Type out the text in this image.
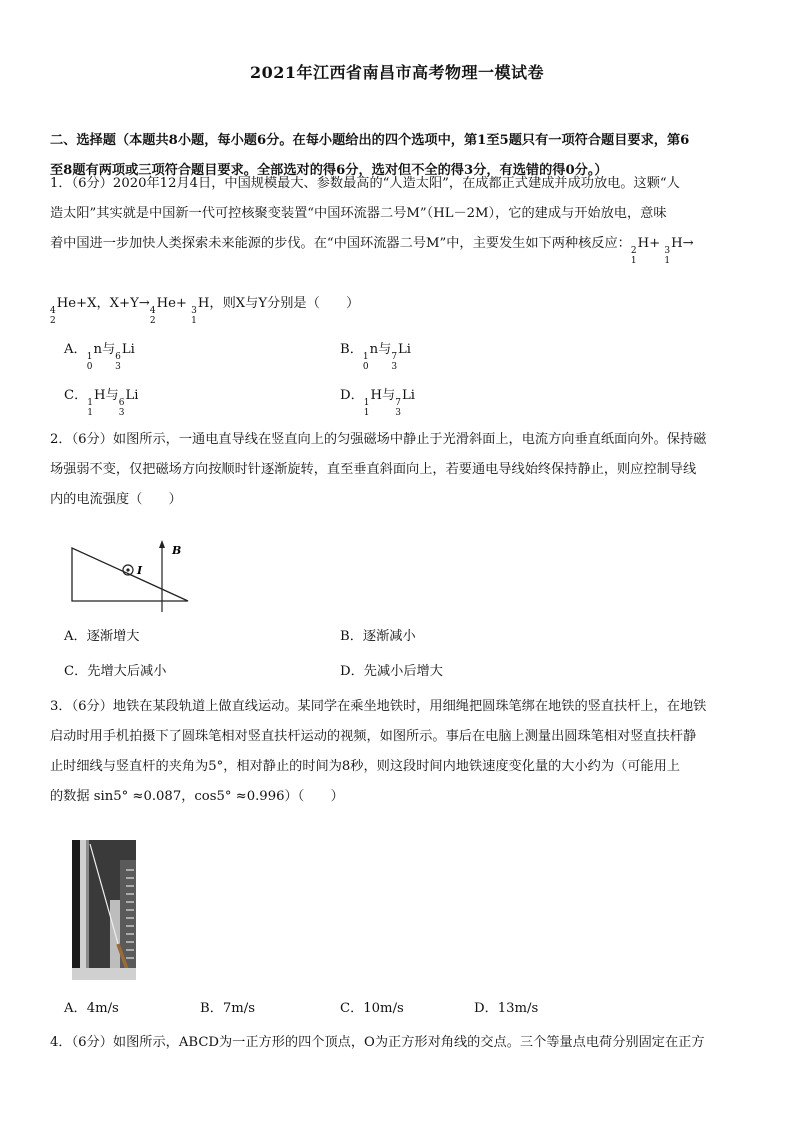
2021年江西省南昌市高考物理一模试卷
二、选择题（本题共8小题，每小题6分。在每小题给出的四个选项中，第1至5题只有一项符合题目要求，第6
至8题有两项或三项符合题目要求。全部选对的得6分，选对但不全的得3分，有选错的得0分。）
1．（6分）2020年12月4日，中国规模最大、参数最高的“人造太阳”，在成都正式建成并成功放电。这颗“人
造太阳”其实就是中国新一代可控核聚变装置“中国环流器二号M”（HL－2M），它的建成与开始放电，意味
着中国进一步加快人类探索未来能源的步伐。在“中国环流器二号M”中，主要发生如下两种核反应： 2
1
H+ 3
1
H→
4
2
He+X，X+Y→ 4
2
He+ 3
1
H，则X与Y分别是（　　）
A． 1
0
n与 6
3
Li	B． 1
0
n与 7
3
Li
C． 1
1
H与 6
3
Li	D． 1
1
H与 7
3
Li
2．（6分）如图所示，一通电直导线在竖直向上的匀强磁场中静止于光滑斜面上，电流方向垂直纸面向外。保持磁
场强弱不变，仅把磁场方向按顺时针逐渐旋转，直至垂直斜面向上，若要通电导线始终保持静止，则应控制导线
内的电流强度（　　）
B
I
A．逐渐增大	B．逐渐减小
C．先增大后减小	D．先减小后增大
3．（6分）地铁在某段轨道上做直线运动。某同学在乘坐地铁时，用细绳把圆珠笔绑在地铁的竖直扶杆上，在地铁
启动时用手机拍摄下了圆珠笔相对竖直扶杆运动的视频，如图所示。事后在电脑上测量出圆珠笔相对竖直扶杆静
止时细线与竖直杆的夹角为5°，相对静止的时间为8秒，则这段时间内地铁速度变化量的大小约为（可能用上
的数据 sin5° ≈0.087，cos5° ≈0.996）（　　）
A．4m/s	B．7m/s	C．10m/s	D．13m/s
4．（6分）如图所示，ABCD为一正方形的四个顶点，O为正方形对角线的交点。三个等量点电荷分别固定在正方
